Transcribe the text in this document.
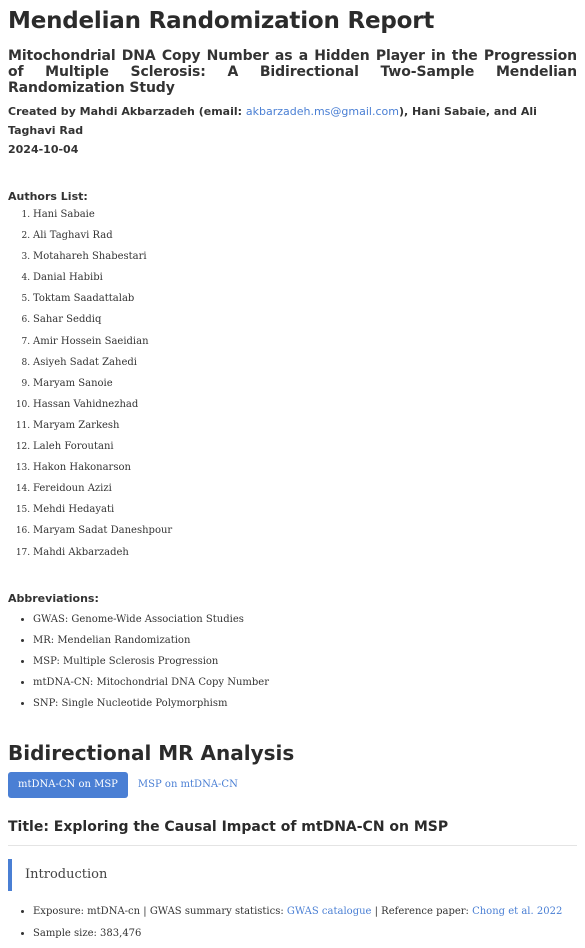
Mendelian Randomization Report
Mitochondrial DNA Copy Number as a Hidden Player in the Progression of Multiple Sclerosis: A Bidirectional Two-Sample Mendelian Randomization Study
Created by Mahdi Akbarzadeh (email: akbarzadeh.ms@gmail.com), Hani Sabaie, and Ali Taghavi Rad
2024-10-04
Authors List:
1. Hani Sabaie
2. Ali Taghavi Rad
3. Motahareh Shabestari
4. Danial Habibi
5. Toktam Saadattalab
6. Sahar Seddiq
7. Amir Hossein Saeidian
8. Asiyeh Sadat Zahedi
9. Maryam Sanoie
10. Hassan Vahidnezhad
11. Maryam Zarkesh
12. Laleh Foroutani
13. Hakon Hakonarson
14. Fereidoun Azizi
15. Mehdi Hedayati
16. Maryam Sadat Daneshpour
17. Mahdi Akbarzadeh
Abbreviations:
• GWAS: Genome-Wide Association Studies
• MR: Mendelian Randomization
• MSP: Multiple Sclerosis Progression
• mtDNA-CN: Mitochondrial DNA Copy Number
• SNP: Single Nucleotide Polymorphism
Bidirectional MR Analysis
mtDNA-CN on MSP	MSP on mtDNA-CN
Title: Exploring the Causal Impact of mtDNA-CN on MSP
Introduction
• Exposure: mtDNA-cn | GWAS summary statistics: GWAS catalogue | Reference paper: Chong et al. 2022
• Sample size: 383,476
